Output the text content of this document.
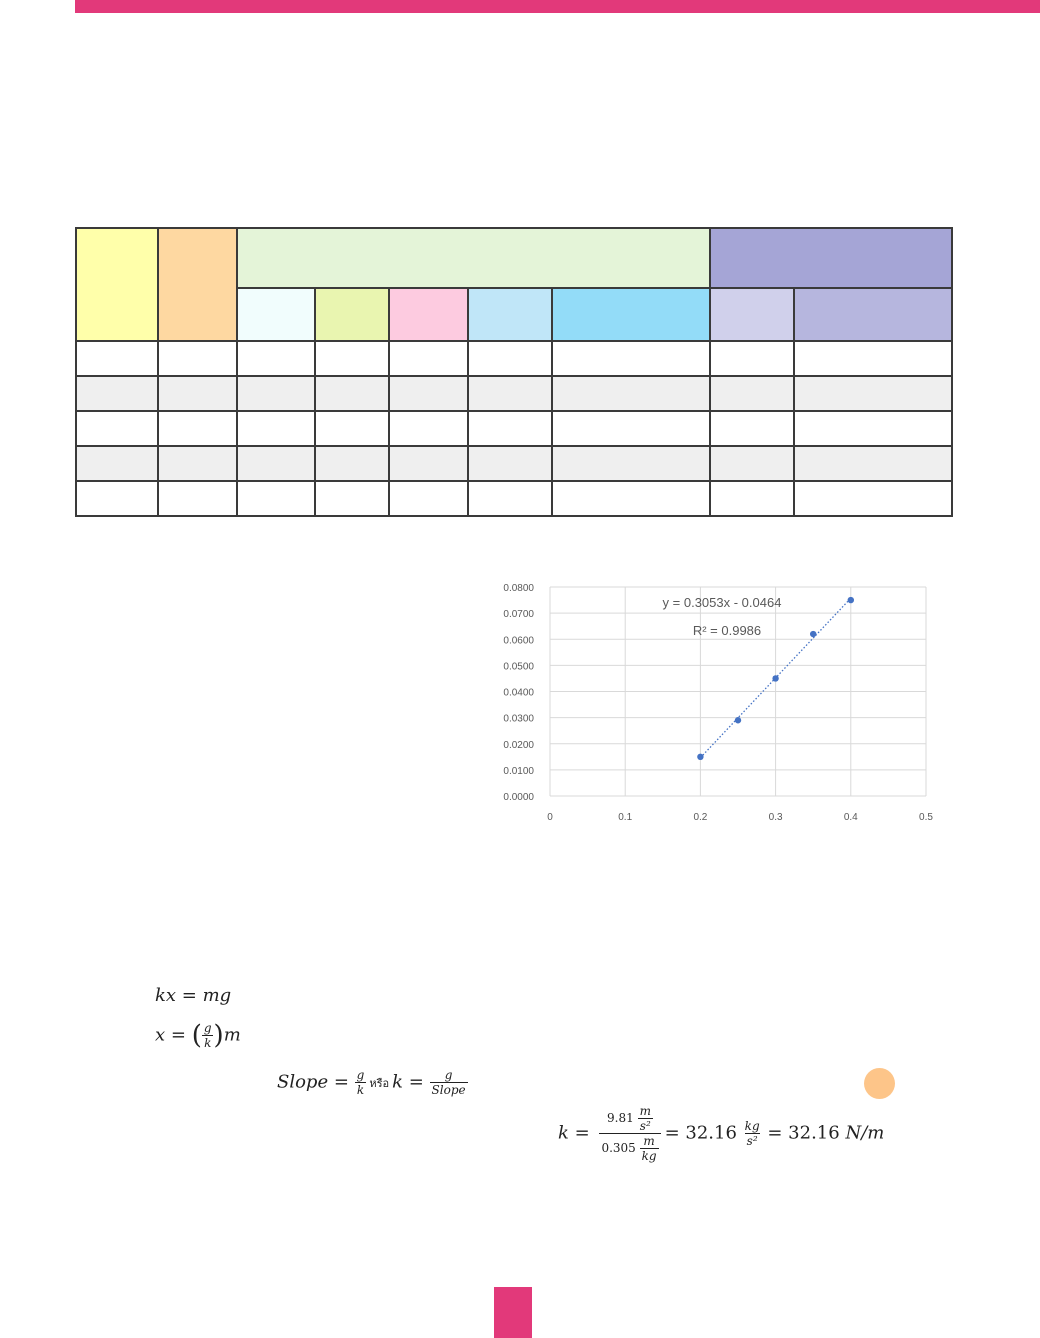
0.0000
0.0100
0.0200
0.0300
0.0400
0.0500
0.0600
0.0700
0.0800
0	0.1	0.2	0.3	0.4	0.5
y = 0.3053x - 0.0464
R² = 0.9986
kx = mg
x = ( $\frac{g}{k} )m$
Slope = $\frac{g}{k}$ หรือ $k = \frac{g}{\text{Slope}}$
$k = \frac{9.81 \frac{m}{\text{s²}}}{0.305 \frac{m}{kg}} = 32.16 \frac{kg}{\text{s²}} = 32.16$ N/m
